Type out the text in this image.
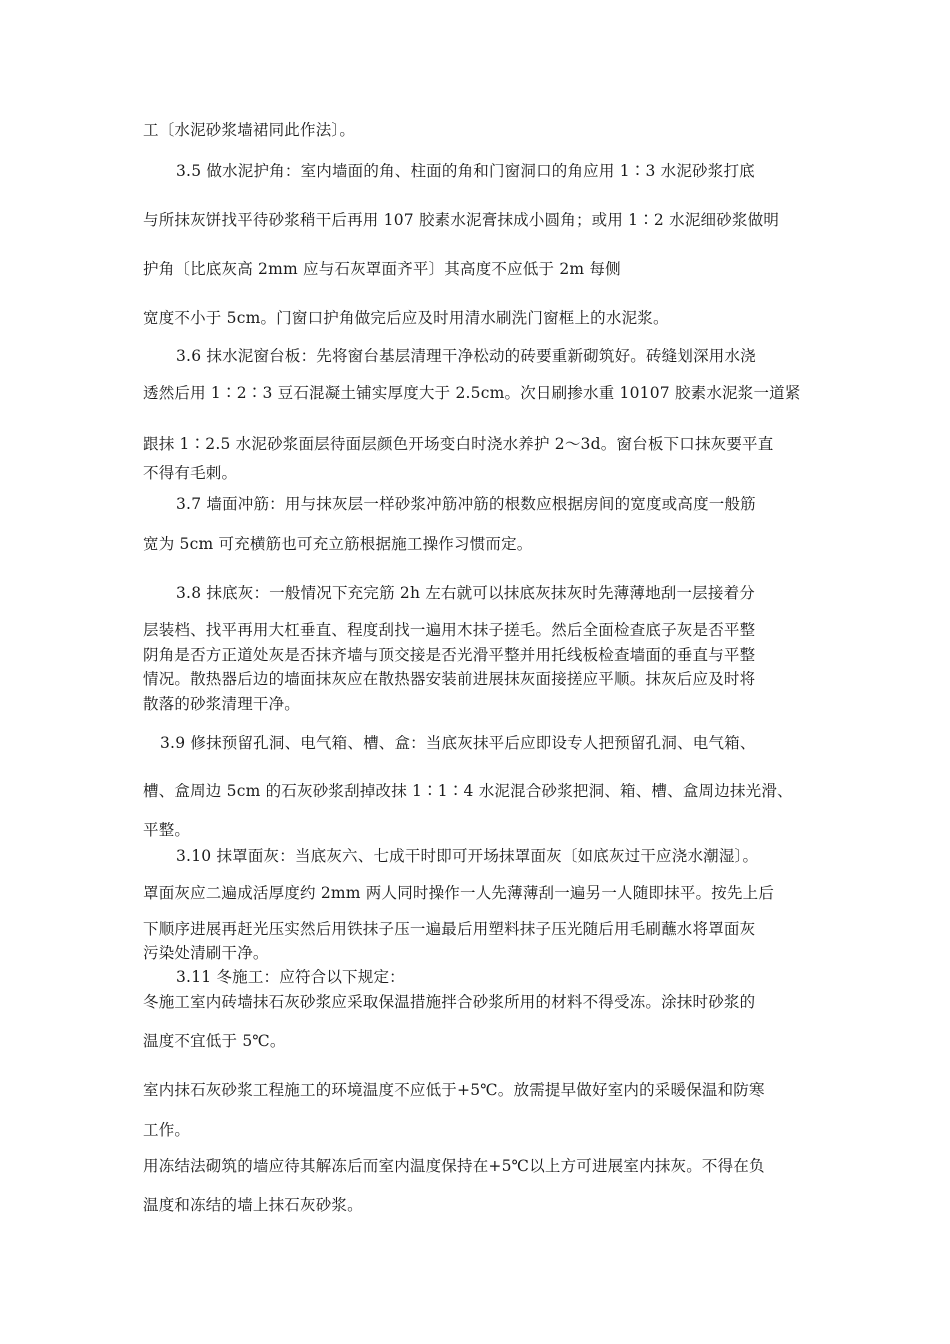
工〔水泥砂浆墙裙同此作法〕。
3.5 做水泥护角：室内墙面的角、柱面的角和门窗洞口的角应用 1∶3 水泥砂浆打底
与所抹灰饼找平待砂浆稍干后再用 107 胶素水泥膏抹成小圆角；或用 1∶2 水泥细砂浆做明
护角〔比底灰高 2mm 应与石灰罩面齐平〕其高度不应低于 2m 每侧
宽度不小于 5cm。门窗口护角做完后应及时用清水刷洗门窗框上的水泥浆。
3.6 抹水泥窗台板：先将窗台基层清理干净松动的砖要重新砌筑好。砖缝划深用水浇
透然后用 1∶2∶3 豆石混凝土铺实厚度大于 2.5cm。次日刷掺水重 10107 胶素水泥浆一道紧
跟抹 1∶2.5 水泥砂浆面层待面层颜色开场变白时浇水养护 2～3d。窗台板下口抹灰要平直
不得有毛刺。
3.7 墙面冲筋：用与抹灰层一样砂浆冲筋冲筋的根数应根据房间的宽度或高度一般筋
宽为 5cm 可充横筋也可充立筋根据施工操作习惯而定。
3.8 抹底灰：一般情况下充完筋 2h 左右就可以抹底灰抹灰时先薄薄地刮一层接着分
层装档、找平再用大杠垂直、程度刮找一遍用木抹子搓毛。然后全面检查底子灰是否平整
阴角是否方正道处灰是否抹齐墙与顶交接是否光滑平整并用托线板检查墙面的垂直与平整
情况。散热器后边的墙面抹灰应在散热器安装前进展抹灰面接搓应平顺。抹灰后应及时将
散落的砂浆清理干净。
3.9 修抹预留孔洞、电气箱、槽、盒：当底灰抹平后应即设专人把预留孔洞、电气箱、
槽、盒周边 5cm 的石灰砂浆刮掉改抹 1∶1∶4 水泥混合砂浆把洞、箱、槽、盒周边抹光滑、
平整。
3.10 抹罩面灰：当底灰六、七成干时即可开场抹罩面灰〔如底灰过干应浇水潮湿〕。
罩面灰应二遍成活厚度约 2mm 两人同时操作一人先薄薄刮一遍另一人随即抹平。按先上后
下顺序进展再赶光压实然后用铁抹子压一遍最后用塑料抹子压光随后用毛刷蘸水将罩面灰
污染处清刷干净。
3.11 冬施工：应符合以下规定：
冬施工室内砖墙抹石灰砂浆应采取保温措施拌合砂浆所用的材料不得受冻。涂抹时砂浆的
温度不宜低于 5℃。
室内抹石灰砂浆工程施工的环境温度不应低于+5℃。放需提早做好室内的采暖保温和防寒
工作。
用冻结法砌筑的墙应待其解冻后而室内温度保持在+5℃以上方可进展室内抹灰。不得在负
温度和冻结的墙上抹石灰砂浆。
